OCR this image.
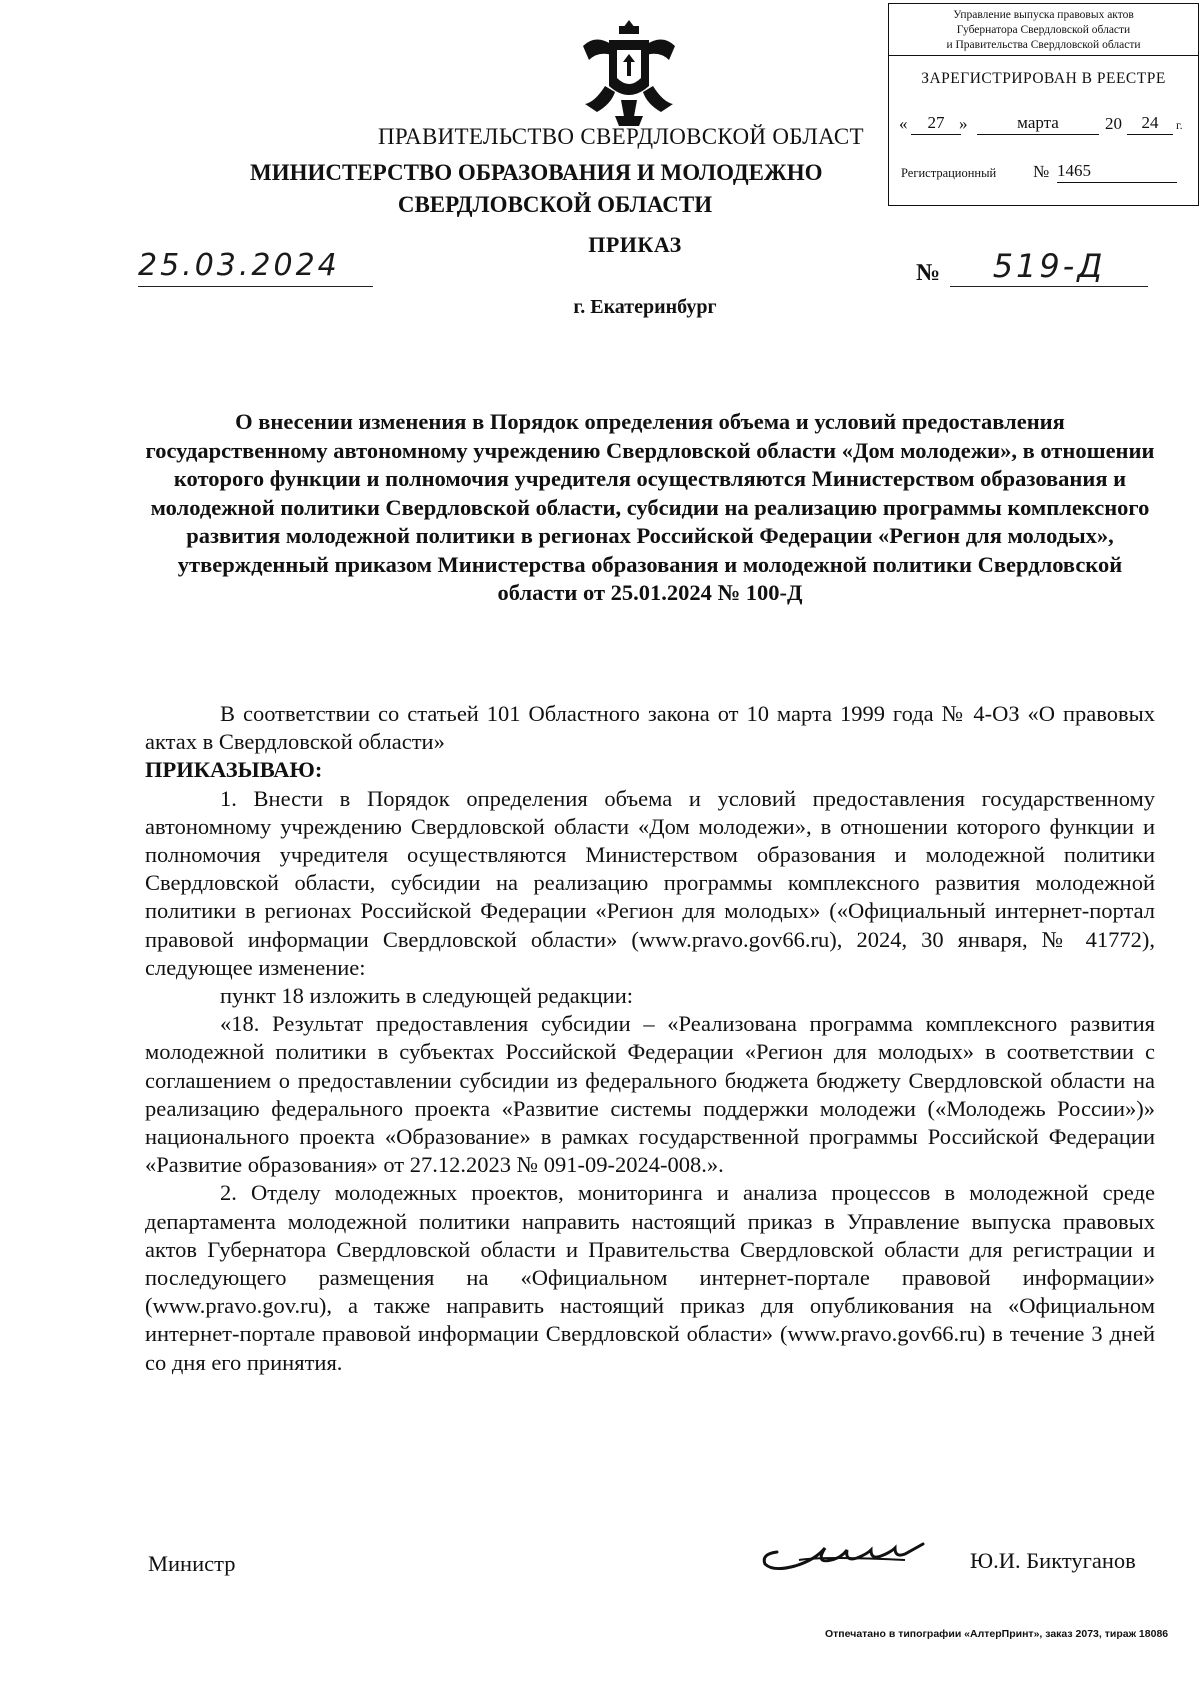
Управление выпуска правовых актов
Губернатора Свердловской области
и Правительства Свердловской области
ЗАРЕГИСТРИРОВАН В РЕЕСТРЕ
«	27 »	марта	20	24	г.
Регистрационный № 1465
ПРАВИТЕЛЬСТВО СВЕРДЛОВСКОЙ ОБЛАСТ
МИНИСТЕРСТВО ОБРАЗОВАНИЯ И МОЛОДЕЖНО
СВЕРДЛОВСКОЙ ОБЛАСТИ
ПРИКАЗ
25.03.2024	№	519-Д
г. Екатеринбург
О внесении изменения в Порядок определения объема и условий предоставления государственному автономному учреждению Свердловской области «Дом молодежи», в отношении которого функции и полномочия учредителя осуществляются Министерством образования и молодежной политики Свердловской области, субсидии на реализацию программы комплексного развития молодежной политики в регионах Российской Федерации «Регион для молодых», утвержденный приказом Министерства образования и молодежной политики Свердловской области от 25.01.2024 № 100-Д

В соответствии со статьей 101 Областного закона от 10 марта 1999 года № 4-ОЗ «О правовых актах в Свердловской области»

ПРИКАЗЫВАЮ:

1. Внести в Порядок определения объема и условий предоставления государственному автономному учреждению Свердловской области «Дом молодежи», в отношении которого функции и полномочия учредителя осуществляются Министерством образования и молодежной политики Свердловской области, субсидии на реализацию программы комплексного развития молодежной политики в регионах Российской Федерации «Регион для молодых» («Официальный интернет-портал правовой информации Свердловской области» (www.pravo.gov66.ru), 2024, 30 января, № 41772), следующее изменение:

пункт 18 изложить в следующей редакции:

«18. Результат предоставления субсидии – «Реализована программа комплексного развития молодежной политики в субъектах Российской Федерации «Регион для молодых» в соответствии с соглашением о предоставлении субсидии из федерального бюджета бюджету Свердловской области на реализацию федерального проекта «Развитие системы поддержки молодежи («Молодежь России»)» национального проекта «Образование» в рамках государственной программы Российской Федерации «Развитие образования» от 27.12.2023 № 091-09-2024-008.».

2. Отделу молодежных проектов, мониторинга и анализа процессов в молодежной среде департамента молодежной политики направить настоящий приказ в Управление выпуска правовых актов Губернатора Свердловской области и Правительства Свердловской области для регистрации и последующего размещения на «Официальном интернет-портале правовой информации» (www.pravo.gov.ru), а также направить настоящий приказ для опубликования на «Официальном интернет-портале правовой информации Свердловской области» (www.pravo.gov66.ru) в течение 3 дней со дня его принятия.

Министр	Ю.И. Биктуганов
Отпечатано в типографии «АлтерПринт», заказ 2073, тираж 18086
